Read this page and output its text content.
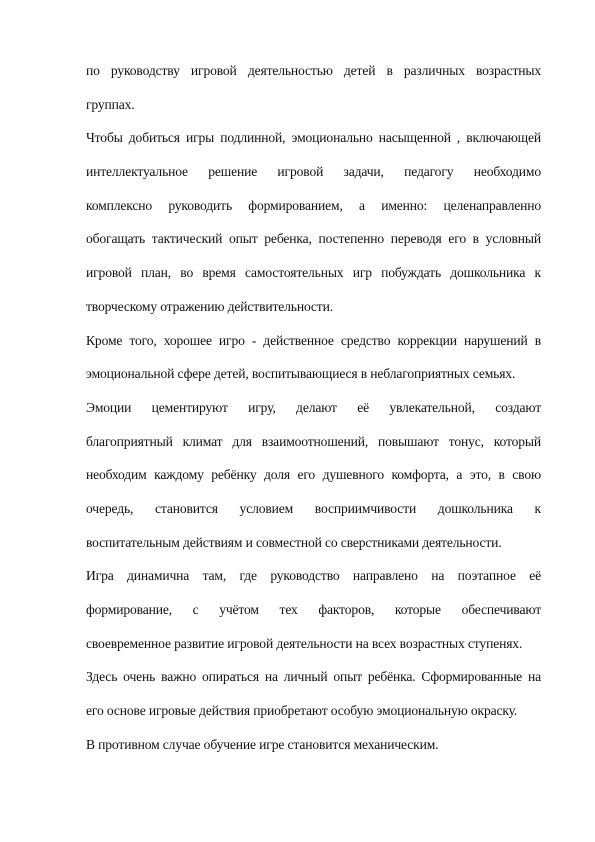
по руководству игровой деятельностью детей в различных возрастных
группах.
Чтобы добиться игры подлинной, эмоционально насыщенной , включающей
интеллектуальное решение игровой задачи, педагогу необходимо
комплексно руководить формированием, а именно: целенаправленно
обогащать тактический опыт ребенка, постепенно переводя его в условный
игровой план, во время самостоятельных игр побуждать дошкольника к
творческому отражению действительности.
Кроме того, хорошее игро - действенное средство коррекции нарушений в
эмоциональной сфере детей, воспитывающиеся в неблагоприятных семьях.
Эмоции цементируют игру, делают её увлекательной, создают
благоприятный климат для взаимоотношений, повышают тонус, который
необходим каждому ребёнку доля его душевного комфорта, а это, в свою
очередь, становится условием восприимчивости дошкольника к
воспитательным действиям и совместной со сверстниками деятельности.
Игра динамична там, где руководство направлено на поэтапное её
формирование, с учётом тех факторов, которые обеспечивают
своевременное развитие игровой деятельности на всех возрастных ступенях.
Здесь очень важно опираться на личный опыт ребёнка. Сформированные на
его основе игровые действия приобретают особую эмоциональную окраску.
В противном случае обучение игре становится механическим.
